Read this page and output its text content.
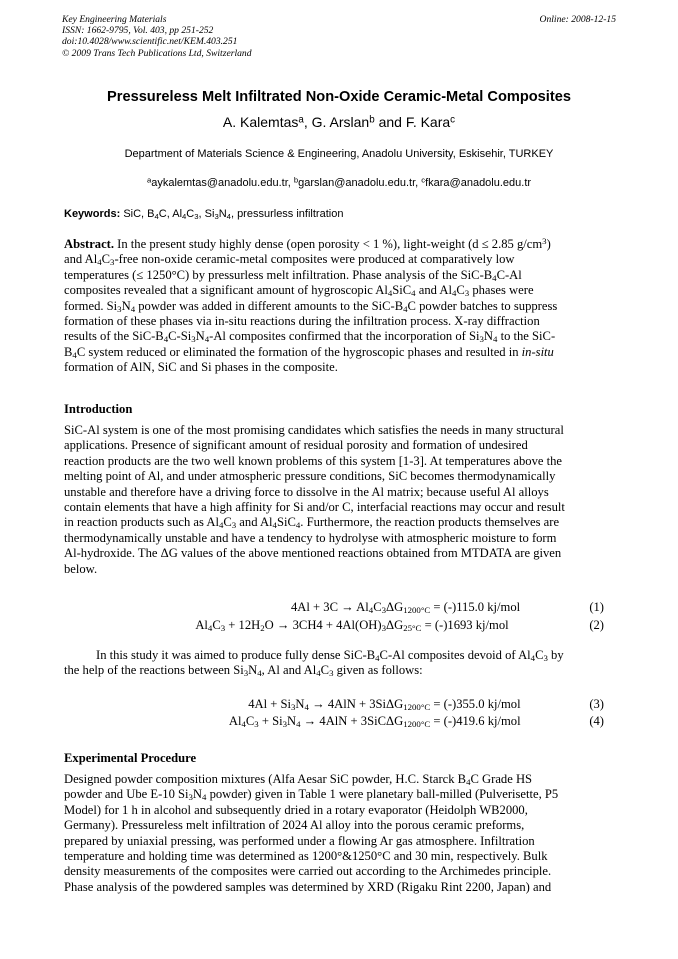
Key Engineering Materials
ISSN: 1662-9795, Vol. 403, pp 251-252
doi:10.4028/www.scientific.net/KEM.403.251
© 2009 Trans Tech Publications Ltd, Switzerland
Online: 2008-12-15
Pressureless Melt Infiltrated Non-Oxide Ceramic-Metal Composites
A. Kalemtas$^a$, G. Arslan$^b$ and F. Kara$^c$
Department of Materials Science & Engineering, Anadolu University, Eskisehir, TURKEY
$^a$aykalemtas@anadolu.edu.tr, $^b$garslan@anadolu.edu.tr, $^c$fkara@anadolu.edu.tr
Keywords: SiC, $B_4C$, $Al_4C_3$, $Si_3N_4$, pressurless infiltration
Abstract. In the present study highly dense (open porosity < 1 %), light-weight (d ≤ 2.85 $g/cm^3$)
and $Al_4C_3$-free non-oxide ceramic-metal composites were produced at comparatively low
temperatures (≤ 1250°C) by pressurless melt infiltration. Phase analysis of the SiC-$B_4C-Al$
composites revealed that a significant amount of hygroscopic $Al_4SiC_4$ and $Al_4C_3$ phases were
formed. $Si_3N_4$ powder was added in different amounts to the SiC-$B_4C$ powder batches to suppress
formation of these phases via in-situ reactions during the infiltration process. X-ray diffraction
results of the SiC-$B_4C-Si_3N_4-Al$ composites confirmed that the incorporation of $Si_3N_4$ to the SiC-
$B_4C$ system reduced or eliminated the formation of the hygroscopic phases and resulted in in-situ
formation of AlN, SiC and Si phases in the composite.
Introduction
SiC-Al system is one of the most promising candidates which satisfies the needs in many structural
applications. Presence of significant amount of residual porosity and formation of undesired
reaction products are the two well known problems of this system [1-3]. At temperatures above the
melting point of Al, and under atmospheric pressure conditions, SiC becomes thermodynamically
unstable and therefore have a driving force to dissolve in the Al matrix; because useful Al alloys
contain elements that have a high affinity for Si and/or C, interfacial reactions may occur and result
in reaction products such as $Al_4C_3$ and $Al_4SiC_4$. Furthermore, the reaction products themselves are
thermodynamically unstable and have a tendency to hydrolyse with atmospheric moisture to form
Al-hydroxide. The ΔG values of the above mentioned reactions obtained from MTDATA are given
below.
$4Al + 3C \to Al_4C_3$ $\Delta G_{1200^\circ C} = (-)115.0$ kj/mol	(1)
$Al_4C_3 + 12H_2O \to 3CH4 + 4Al(OH)_3$ $\Delta G_{25^\circ C} = (-)1693$ kj/mol	(2)
In this study it was aimed to produce fully dense SiC-$B_4C-Al$ composites devoid of $Al_4C_3$ by
the help of the reactions between $Si_3N_4$, Al and $Al_4C_3$ given as follows:
$4Al + Si_3N_4 \to 4AlN + 3Si$ $\Delta G_{1200^\circ C} = (-)355.0$ kj/mol	(3)
$Al_4C_3 + Si_3N_4 \to 4AlN + 3SiC$ $\Delta G_{1200^\circ C} = (-)419.6$ kj/mol	(4)
Experimental Procedure
Designed powder composition mixtures (Alfa Aesar SiC powder, H.C. Starck $B_4C$ Grade HS
powder and Ube E-10 $Si_3N_4$ powder) given in Table 1 were planetary ball-milled (Pulverisette, P5
Model) for 1 h in alcohol and subsequently dried in a rotary evaporator (Heidolph WB2000,
Germany). Pressureless melt infiltration of 2024 Al alloy into the porous ceramic preforms,
prepared by uniaxial pressing, was performed under a flowing Ar gas atmosphere. Infiltration
temperature and holding time was determined as 1200°&1250°C and 30 min, respectively. Bulk
density measurements of the composites were carried out according to the Archimedes principle.
Phase analysis of the powdered samples was determined by XRD (Rigaku Rint 2200, Japan) and
